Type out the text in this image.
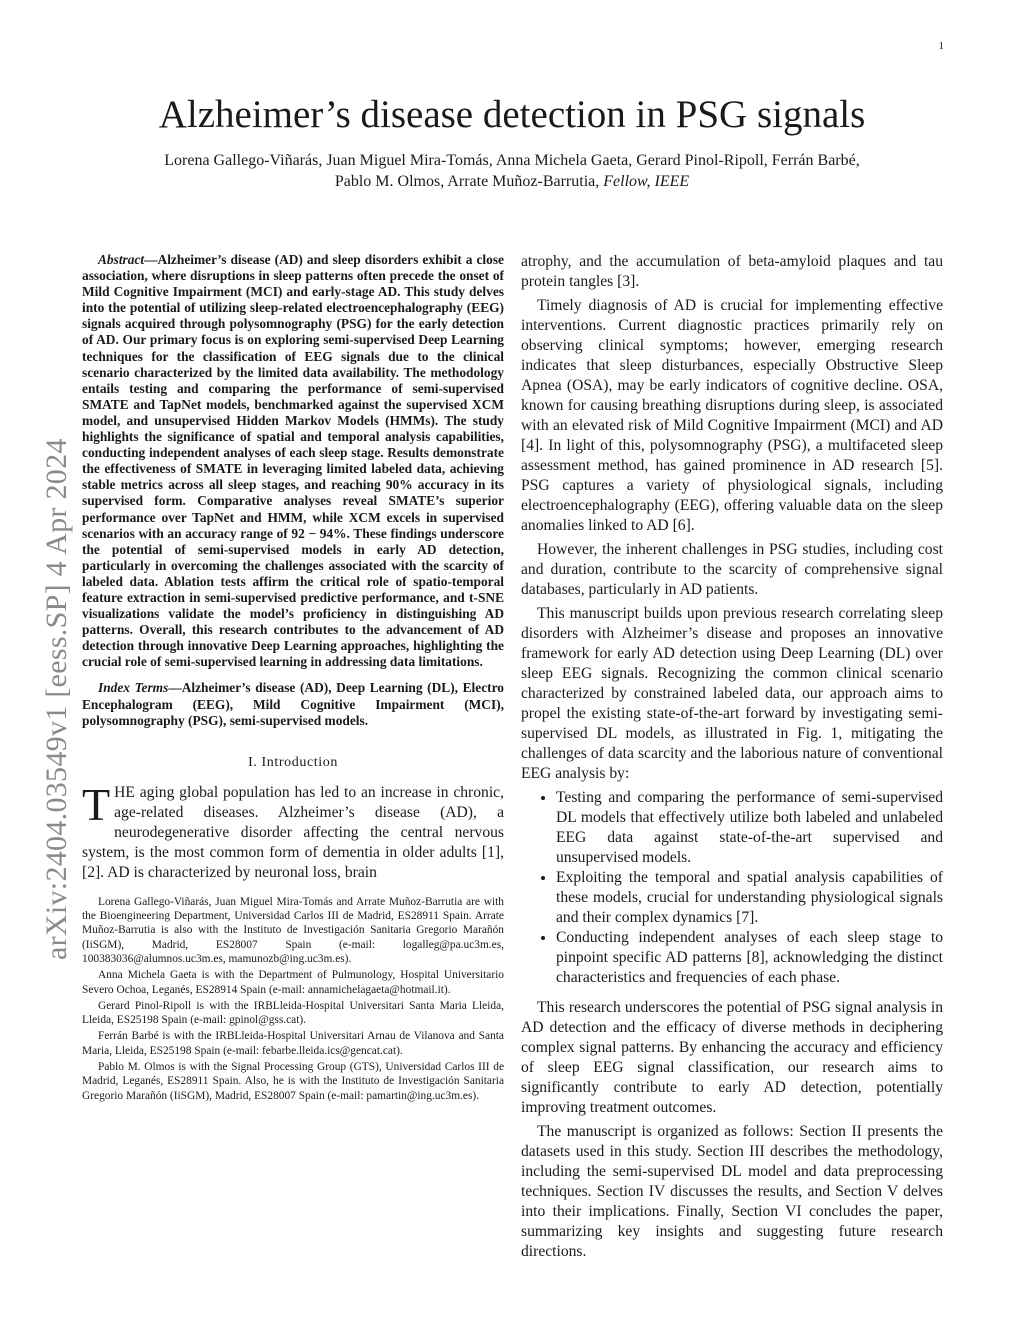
1
arXiv:2404.03549v1 [eess.SP] 4 Apr 2024
Alzheimer’s disease detection in PSG signals
Lorena Gallego-Viñarás, Juan Miguel Mira-Tomás, Anna Michela Gaeta, Gerard Pinol-Ripoll, Ferrán Barbé,
Pablo M. Olmos, Arrate Muñoz-Barrutia, Fellow, IEEE

Abstract—Alzheimer’s disease (AD) and sleep disorders exhibit a close association, where disruptions in sleep patterns often precede the onset of Mild Cognitive Impairment (MCI) and early-stage AD. This study delves into the potential of utilizing sleep-related electroencephalography (EEG) signals acquired through polysomnography (PSG) for the early detection of AD. Our primary focus is on exploring semi-supervised Deep Learning techniques for the classification of EEG signals due to the clinical scenario characterized by the limited data availability. The methodology entails testing and comparing the performance of semi-supervised SMATE and TapNet models, benchmarked against the supervised XCM model, and unsupervised Hidden Markov Models (HMMs). The study highlights the significance of spatial and temporal analysis capabilities, conducting independent analyses of each sleep stage. Results demonstrate the effectiveness of SMATE in leveraging limited labeled data, achieving stable metrics across all sleep stages, and reaching 90% accuracy in its supervised form. Comparative analyses reveal SMATE’s superior performance over TapNet and HMM, while XCM excels in supervised scenarios with an accuracy range of 92 − 94%. These findings underscore the potential of semi-supervised models in early AD detection, particularly in overcoming the challenges associated with the scarcity of labeled data. Ablation tests affirm the critical role of spatio-temporal feature extraction in semi-supervised predictive performance, and t-SNE visualizations validate the model’s proficiency in distinguishing AD patterns. Overall, this research contributes to the advancement of AD detection through innovative Deep Learning approaches, highlighting the crucial role of semi-supervised learning in addressing data limitations.

Index Terms—Alzheimer’s disease (AD), Deep Learning (DL), Electro Encephalogram (EEG), Mild Cognitive Impairment (MCI), polysomnography (PSG), semi-supervised models.

I. Introduction

THE aging global population has led to an increase in chronic, age-related diseases. Alzheimer’s disease (AD), a neurodegenerative disorder affecting the central nervous system, is the most common form of dementia in older adults [1], [2]. AD is characterized by neuronal loss, brain

Lorena Gallego-Viñarás, Juan Miguel Mira-Tomás and Arrate Muñoz-Barrutia are with the Bioengineering Department, Universidad Carlos III de Madrid, ES28911 Spain. Arrate Muñoz-Barrutia is also with the Instituto de Investigación Sanitaria Gregorio Marañón (IiSGM), Madrid, ES28007 Spain (e-mail: logalleg@pa.uc3m.es, 100383036@alumnos.uc3m.es, mamunozb@ing.uc3m.es).

Anna Michela Gaeta is with the Department of Pulmunology, Hospital Universitario Severo Ochoa, Leganés, ES28914 Spain (e-mail: annamichelagaeta@hotmail.it).

Gerard Pinol-Ripoll is with the IRBLleida-Hospital Universitari Santa Maria Lleida, Lleida, ES25198 Spain (e-mail: gpinol@gss.cat).

Ferrán Barbé is with the IRBLleida-Hospital Universitari Arnau de Vilanova and Santa Maria, Lleida, ES25198 Spain (e-mail: febarbe.lleida.ics@gencat.cat).

Pablo M. Olmos is with the Signal Processing Group (GTS), Universidad Carlos III de Madrid, Leganés, ES28911 Spain. Also, he is with the Instituto de Investigación Sanitaria Gregorio Marañón (IiSGM), Madrid, ES28007 Spain (e-mail: pamartin@ing.uc3m.es).

atrophy, and the accumulation of beta-amyloid plaques and tau protein tangles [3].

Timely diagnosis of AD is crucial for implementing effective interventions. Current diagnostic practices primarily rely on observing clinical symptoms; however, emerging research indicates that sleep disturbances, especially Obstructive Sleep Apnea (OSA), may be early indicators of cognitive decline. OSA, known for causing breathing disruptions during sleep, is associated with an elevated risk of Mild Cognitive Impairment (MCI) and AD [4]. In light of this, polysomnography (PSG), a multifaceted sleep assessment method, has gained prominence in AD research [5]. PSG captures a variety of physiological signals, including electroencephalography (EEG), offering valuable data on the sleep anomalies linked to AD [6].

However, the inherent challenges in PSG studies, including cost and duration, contribute to the scarcity of comprehensive signal databases, particularly in AD patients.

This manuscript builds upon previous research correlating sleep disorders with Alzheimer’s disease and proposes an innovative framework for early AD detection using Deep Learning (DL) over sleep EEG signals. Recognizing the common clinical scenario characterized by constrained labeled data, our approach aims to propel the existing state-of-the-art forward by investigating semi-supervised DL models, as illustrated in Fig. 1, mitigating the challenges of data scarcity and the laborious nature of conventional EEG analysis by:

• Testing and comparing the performance of semi-supervised DL models that effectively utilize both labeled and unlabeled EEG data against state-of-the-art supervised and unsupervised models.
• Exploiting the temporal and spatial analysis capabilities of these models, crucial for understanding physiological signals and their complex dynamics [7].
• Conducting independent analyses of each sleep stage to pinpoint specific AD patterns [8], acknowledging the distinct characteristics and frequencies of each phase.

This research underscores the potential of PSG signal analysis in AD detection and the efficacy of diverse methods in deciphering complex signal patterns. By enhancing the accuracy and efficiency of sleep EEG signal classification, our research aims to significantly contribute to early AD detection, potentially improving treatment outcomes.

The manuscript is organized as follows: Section II presents the datasets used in this study. Section III describes the methodology, including the semi-supervised DL model and data preprocessing techniques. Section IV discusses the results, and Section V delves into their implications. Finally, Section VI concludes the paper, summarizing key insights and suggesting future research directions.
